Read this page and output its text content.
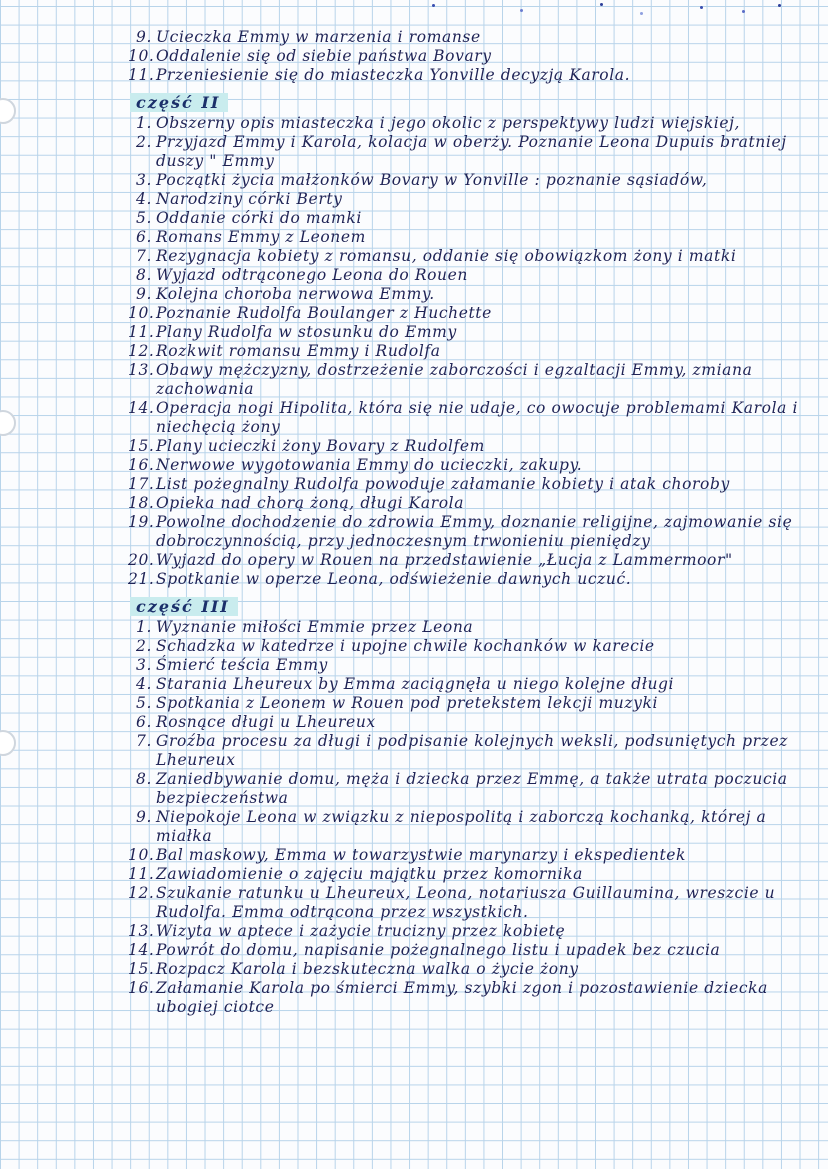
9. Ucieczka Emmy w marzenia i romanse
10. Oddalenie się od siebie państwa Bovary
11. Przeniesienie się do miasteczka Yonville decyzją Karola.
część II
1. Obszerny opis miasteczka i jego okolic z perspektywy ludzi wiejskiej,
2. Przyjazd Emmy i Karola, kolacja w oberży. Poznanie Leona Dupuis bratniej duszy " Emmy
3. Początki życia małżonków Bovary w Yonville : poznanie sąsiadów,
4. Narodziny córki Berty
5. Oddanie córki do mamki
6. Romans Emmy z Leonem
7. Rezygnacja kobiety z romansu, oddanie się obowiązkom żony i matki
8. Wyjazd odtrąconego Leona do Rouen
9. Kolejna choroba nerwowa Emmy.
10. Poznanie Rudolfa Boulanger z Huchette
11. Plany Rudolfa w stosunku do Emmy
12. Rozkwit romansu Emmy i Rudolfa
13. Obawy mężczyzny, dostrzeżenie zaborczości i egzaltacji Emmy, zmiana zachowania
14. Operacja nogi Hipolita, która się nie udaje, co owocuje problemami Karola i niechęcią żony
15. Plany ucieczki żony Bovary z Rudolfem
16. Nerwowe wygotowania Emmy do ucieczki, zakupy.
17. List pożegnalny Rudolfa powoduje załamanie kobiety i atak choroby
18. Opieka nad chorą żoną, długi Karola
19. Powolne dochodzenie do zdrowia Emmy, doznanie religijne, zajmowanie się dobroczynnością, przy jednoczesnym trwonieniu pieniędzy
20. Wyjazd do opery w Rouen na przedstawienie „Łucja z Lammermoor"
21. Spotkanie w operze Leona, odświeżenie dawnych uczuć.
część III
1. Wyznanie miłości Emmie przez Leona
2. Schadzka w katedrze i upojne chwile kochanków w karecie
3. Śmierć teścia Emmy
4. Starania Lheureux by Emma zaciągnęła u niego kolejne długi
5. Spotkania z Leonem w Rouen pod pretekstem lekcji muzyki
6. Rosnące długi u Lheureux
7. Groźba procesu za długi i podpisanie kolejnych weksli, podsuniętych przez Lheureux
8. Zaniedbywanie domu, męża i dziecka przez Emmę, a także utrata poczucia bezpieczeństwa
9. Niepokoje Leona w związku z niepospolitą i zaborczą kochanką, której a miałka
10. Bal maskowy, Emma w towarzystwie marynarzy i ekspedientek
11. Zawiadomienie o zajęciu majątku przez komornika
12. Szukanie ratunku u Lheureux, Leona, notariusza Guillaumina, wreszcie u Rudolfa. Emma odtrącona przez wszystkich.
13. Wizyta w aptece i zażycie trucizny przez kobietę
14. Powrót do domu, napisanie pożegnalnego listu i upadek bez czucia
15. Rozpacz Karola i bezskuteczna walka o życie żony
16. Załamanie Karola po śmierci Emmy, szybki zgon i pozostawienie dziecka ubogiej ciotce
